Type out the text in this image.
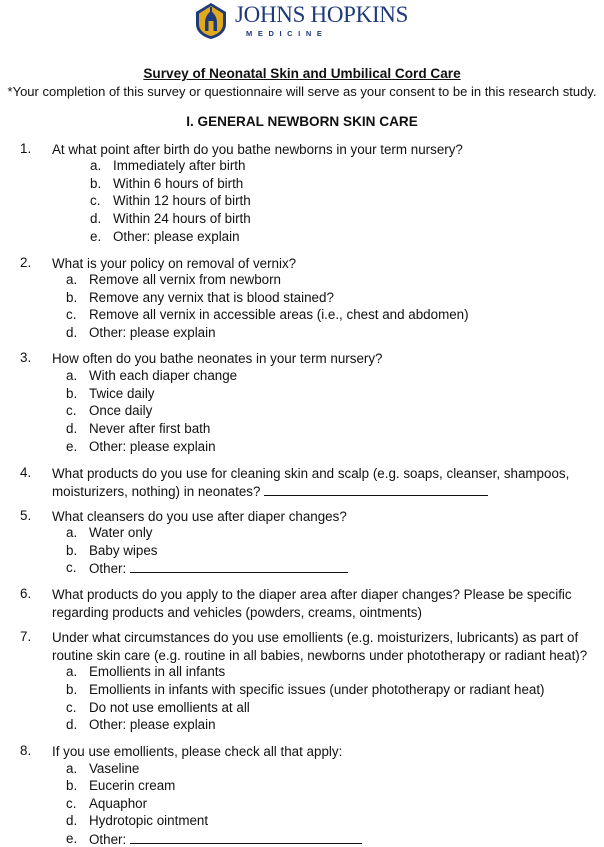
JOHNS HOPKINS
MEDICINE
Survey of Neonatal Skin and Umbilical Cord Care
*Your completion of this survey or questionnaire will serve as your consent to be in this research study.
I. GENERAL NEWBORN SKIN CARE
1. At what point after birth do you bathe newborns in your term nursery?
a. Immediately after birth
b. Within 6 hours of birth
c. Within 12 hours of birth
d. Within 24 hours of birth
e. Other: please explain
2. What is your policy on removal of vernix?
a. Remove all vernix from newborn
b. Remove any vernix that is blood stained?
c. Remove all vernix in accessible areas (i.e., chest and abdomen)
d. Other: please explain
3. How often do you bathe neonates in your term nursery?
a. With each diaper change
b. Twice daily
c. Once daily
d. Never after first bath
e. Other: please explain
4. What products do you use for cleaning skin and scalp (e.g. soaps, cleanser, shampoos, moisturizers, nothing) in neonates?
5. What cleansers do you use after diaper changes?
a. Water only
b. Baby wipes
c. Other:
6. What products do you apply to the diaper area after diaper changes? Please be specific regarding products and vehicles (powders, creams, ointments)
7. Under what circumstances do you use emollients (e.g. moisturizers, lubricants) as part of routine skin care (e.g. routine in all babies, newborns under phototherapy or radiant heat)?
a. Emollients in all infants
b. Emollients in infants with specific issues (under phototherapy or radiant heat)
c. Do not use emollients at all
d. Other: please explain
8. If you use emollients, please check all that apply:
a. Vaseline
b. Eucerin cream
c. Aquaphor
d. Hydrotopic ointment
e. Other:
